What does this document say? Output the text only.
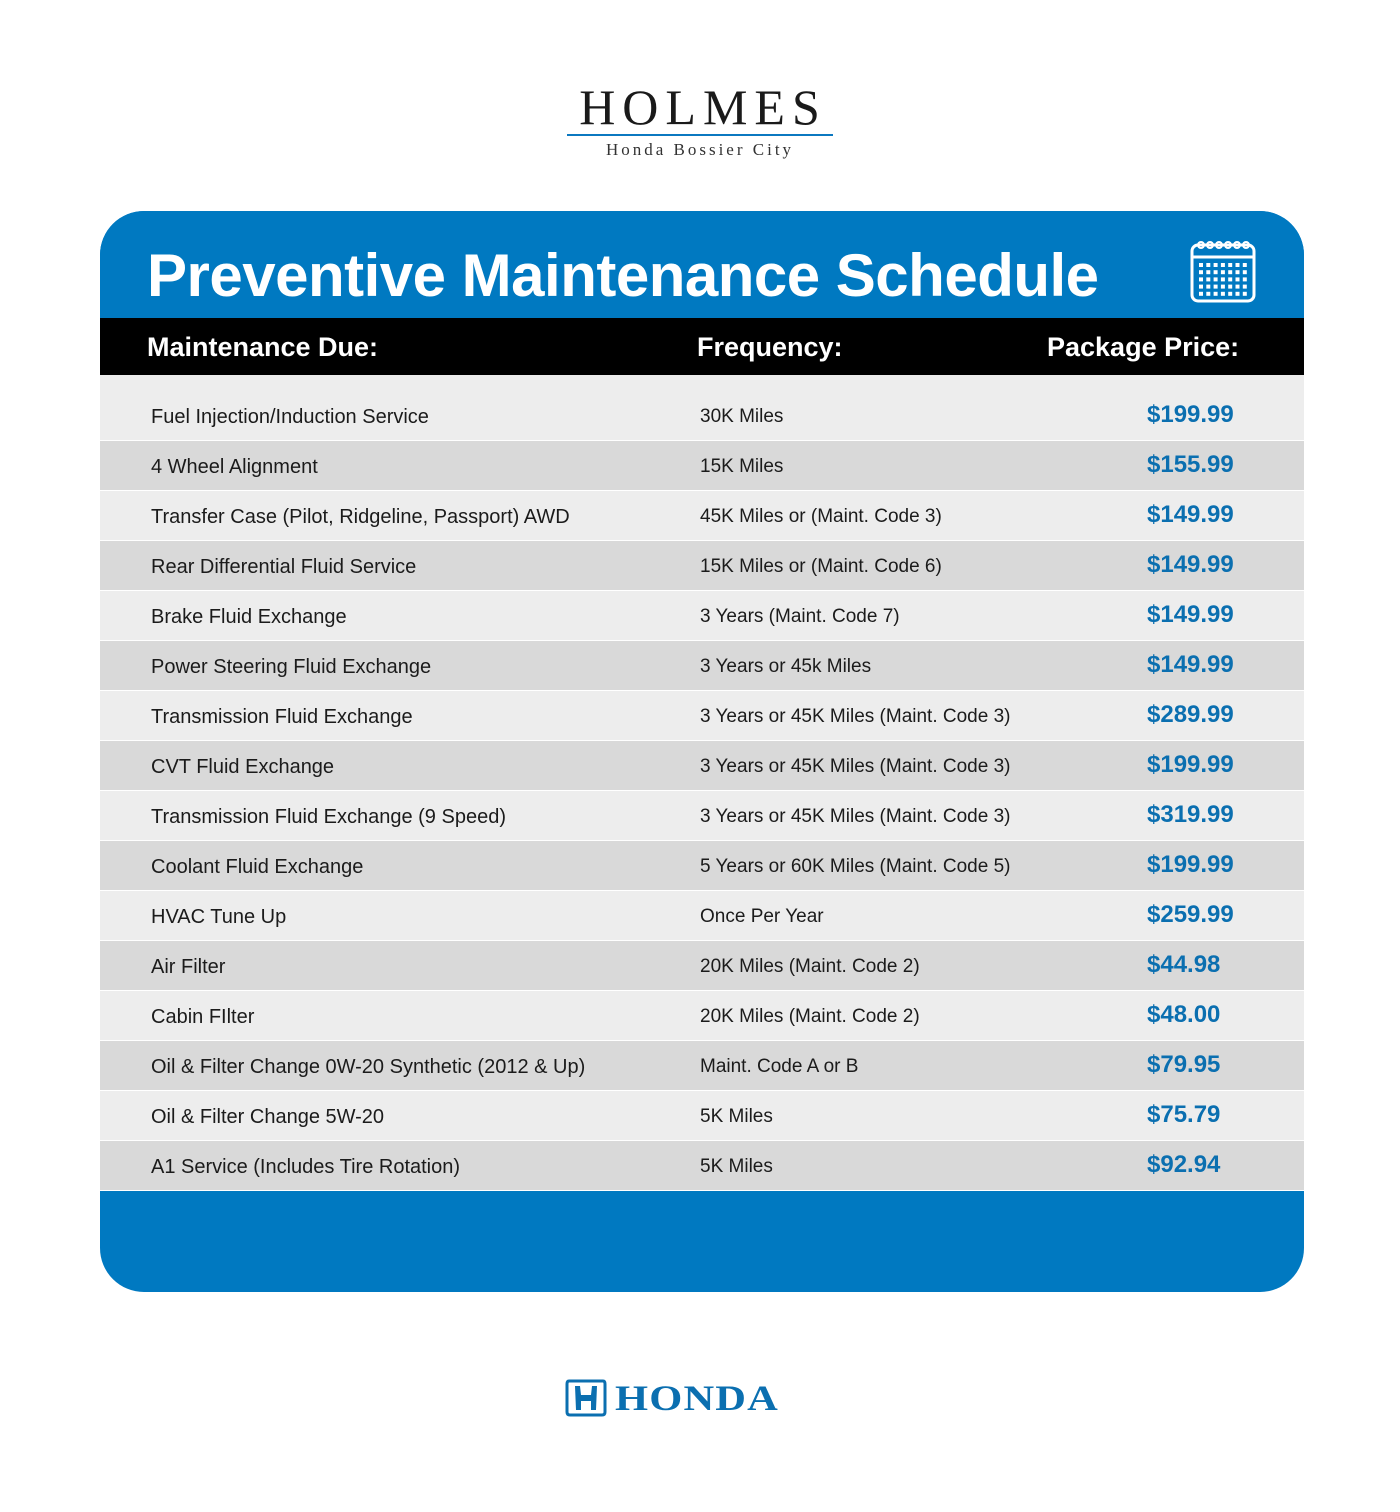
HOLMES
Honda Bossier City
Preventive Maintenance Schedule
Maintenance Due:	Frequency:	Package Price:
Fuel Injection/Induction Service	30K Miles	$199.99
4 Wheel Alignment	15K Miles	$155.99
Transfer Case (Pilot, Ridgeline, Passport) AWD	45K Miles or (Maint. Code 3)	$149.99
Rear Differential Fluid Service	15K Miles or (Maint. Code 6)	$149.99
Brake Fluid Exchange	3 Years (Maint. Code 7)	$149.99
Power Steering Fluid Exchange	3 Years or 45k Miles	$149.99
Transmission Fluid Exchange	3 Years or 45K Miles (Maint. Code 3)	$289.99
CVT Fluid Exchange	3 Years or 45K Miles (Maint. Code 3)	$199.99
Transmission Fluid Exchange (9 Speed)	3 Years or 45K Miles (Maint. Code 3)	$319.99
Coolant Fluid Exchange	5 Years or 60K Miles (Maint. Code 5)	$199.99
HVAC Tune Up	Once Per Year	$259.99
Air Filter	20K Miles (Maint. Code 2)	$44.98
Cabin FIlter	20K Miles (Maint. Code 2)	$48.00
Oil & Filter Change 0W-20 Synthetic (2012 & Up)	Maint. Code A or B	$79.95
Oil & Filter Change 5W-20	5K Miles	$75.79
A1 Service (Includes Tire Rotation)	5K Miles	$92.94
HONDA
